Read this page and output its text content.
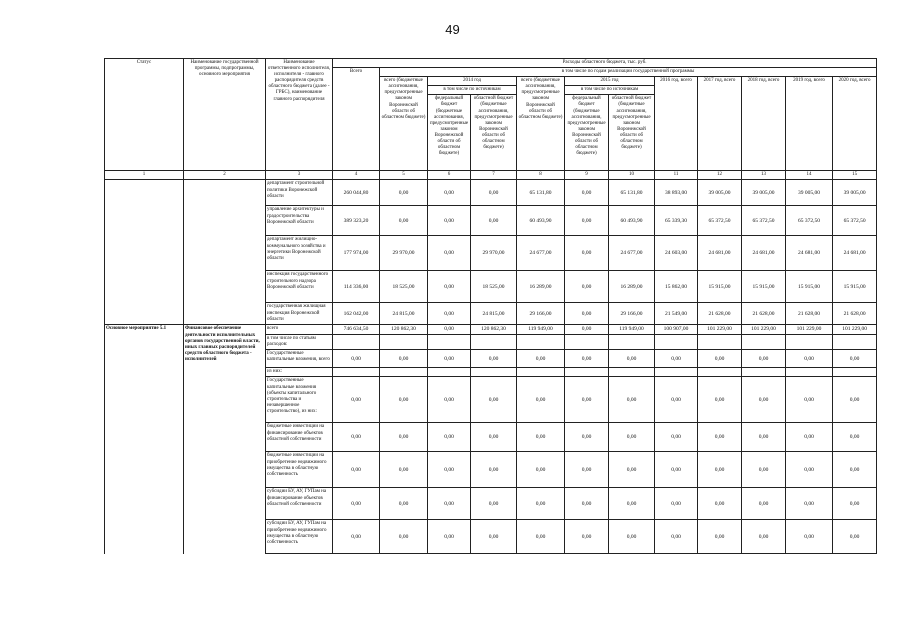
49
Статус	Наименование государственной программы, подпрограммы, основного мероприятия	Наименование ответственного исполнителя, исполнителя - главного распорядителя средств областного бюджета (далее - ГРБС), наименование главного распорядителя	Расходы областного бюджета, тыс. руб.											
			Всего	в том числе по годам реализации государственной программы										
				всего (бюджетные ассигнования, предусмотренные законом Воронежской области об областном бюджете)	2014 год		всего (бюджетные ассигнования, предусмотренные законом Воронежской области об областном бюджете)	2015 год		2016 год, всего	2017 год, всего	2018 год, всего	2019 год, всего	2020 год, всего
					в том числе по источникам			в том числе по источникам						
					федеральный бюджет (бюджетные ассигнования, предусмотренные законом Воронежской области об областном бюджете)	областной бюджет (бюджетные ассигнования, предусмотренные законом Воронежской области об областном бюджете)		федеральный бюджет (бюджетные ассигнования, предусмотренные законом Воронежской области об областном бюджете)	областной бюджет (бюджетные ассигнования, предусмотренные законом Воронежской области об областном бюджете)					
1	2	3	4	5	6	7	8	9	10	11	12	13	14	15
		департамент строительной политики Воронежской области	260 044,80	0,00	0,00	0,00	65 131,80	0,00	65 131,80	38 893,00	39 005,00	39 005,00	39 005,00	39 005,00
		управление архитектуры и градостроительства Воронежской области	389 323,20	0,00	0,00	0,00	60 493,90	0,00	60 493,90	65 339,30	65 372,50	65 372,50	65 372,50	65 372,50
		департамент жилищно-коммунального хозяйства и энергетики Воронежской области	177 974,00	29 970,00	0,00	29 970,00	24 677,00	0,00	24 677,00	24 603,00	24 681,00	24 681,00	24 681,00	24 681,00
		инспекция государственного строительного надзора Воронежской области	114 336,00	18 525,00	0,00	18 525,00	16 289,00	0,00	16 289,00	15 862,00	15 915,00	15 915,00	15 915,00	15 915,00
		государственная жилищная инспекция Воронежской области	162 042,00	24 815,00	0,00	24 815,00	29 166,00	0,00	29 166,00	21 549,00	21 628,00	21 628,00	21 628,00	21 628,00
Основное мероприятие 5.1	Финансовое обеспечение деятельности исполнительных органов государственной власти, иных главных распорядителей средств областного бюджета - исполнителей	всего	746 634,50	120 862,30	0,00	120 862,30	119 949,00	0,00	119 949,00	100 907,00	101 229,00	101 229,00	101 229,00	101 229,00
		в том числе по статьям расходов:												
		Государственные капитальные вложения, всего	0,00	0,00	0,00	0,00	0,00	0,00	0,00	0,00	0,00	0,00	0,00	0,00
		из них:												
		Государственные капитальные вложения (объекты капитального строительства и незавершенное строительство), из них:	0,00	0,00	0,00	0,00	0,00	0,00	0,00	0,00	0,00	0,00	0,00	0,00
		бюджетные инвестиции на финансирование объектов областной собственности	0,00	0,00	0,00	0,00	0,00	0,00	0,00	0,00	0,00	0,00	0,00	0,00
		бюджетные инвестиции на приобретение недвижимого имущества в областную собственность	0,00	0,00	0,00	0,00	0,00	0,00	0,00	0,00	0,00	0,00	0,00	0,00
		субсидии БУ, АУ, ГУПам на финансирование объектов областной собственности	0,00	0,00	0,00	0,00	0,00	0,00	0,00	0,00	0,00	0,00	0,00	0,00
		субсидии БУ, АУ, ГУПам на приобретение недвижимого имущества в областную собственность	0,00	0,00	0,00	0,00	0,00	0,00	0,00	0,00	0,00	0,00	0,00	0,00
